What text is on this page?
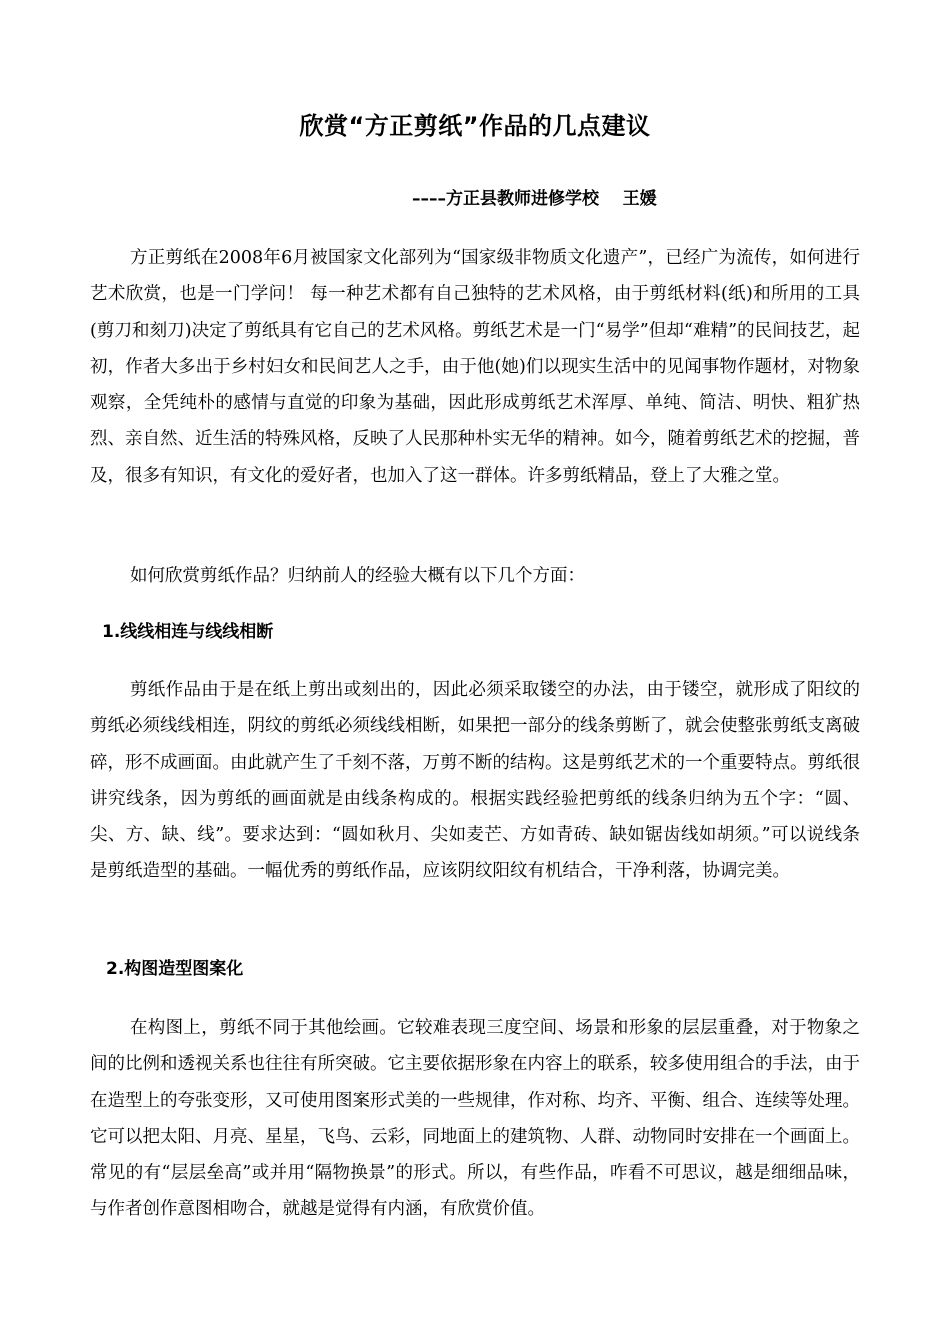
欣赏“方正剪纸”作品的几点建议
––––方正县教师进修学校    王媛

方正剪纸在2008年6月被国家文化部列为“国家级非物质文化遗产”，已经广为流传，如何进行艺术欣赏，也是一门学问！ 每一种艺术都有自己独特的艺术风格，由于剪纸材料(纸)和所用的工具(剪刀和刻刀)决定了剪纸具有它自己的艺术风格。剪纸艺术是一门“易学”但却“难精”的民间技艺，起初，作者大多出于乡村妇女和民间艺人之手，由于他(她)们以现实生活中的见闻事物作题材，对物象观察，全凭纯朴的感情与直觉的印象为基础，因此形成剪纸艺术浑厚、单纯、简洁、明快、粗犷热烈、亲自然、近生活的特殊风格，反映了人民那种朴实无华的精神。如今，随着剪纸艺术的挖掘，普及，很多有知识，有文化的爱好者，也加入了这一群体。许多剪纸精品，登上了大雅之堂。

如何欣赏剪纸作品？归纳前人的经验大概有以下几个方面：

1.线线相连与线线相断

剪纸作品由于是在纸上剪出或刻出的，因此必须采取镂空的办法，由于镂空，就形成了阳纹的剪纸必须线线相连，阴纹的剪纸必须线线相断，如果把一部分的线条剪断了，就会使整张剪纸支离破碎，形不成画面。由此就产生了千刻不落，万剪不断的结构。这是剪纸艺术的一个重要特点。剪纸很讲究线条，因为剪纸的画面就是由线条构成的。根据实践经验把剪纸的线条归纳为五个字：“圆、尖、方、缺、线”。要求达到：“圆如秋月、尖如麦芒、方如青砖、缺如锯齿线如胡须。”可以说线条是剪纸造型的基础。一幅优秀的剪纸作品，应该阴纹阳纹有机结合，干净利落，协调完美。

2.构图造型图案化

在构图上，剪纸不同于其他绘画。它较难表现三度空间、场景和形象的层层重叠，对于物象之间的比例和透视关系也往往有所突破。它主要依据形象在内容上的联系，较多使用组合的手法，由于在造型上的夸张变形，又可使用图案形式美的一些规律，作对称、均齐、平衡、组合、连续等处理。它可以把太阳、月亮、星星，飞鸟、云彩，同地面上的建筑物、人群、动物同时安排在一个画面上。常见的有“层层垒高”或并用“隔物换景”的形式。所以，有些作品，咋看不可思议，越是细细品味，与作者创作意图相吻合，就越是觉得有内涵，有欣赏价值。
